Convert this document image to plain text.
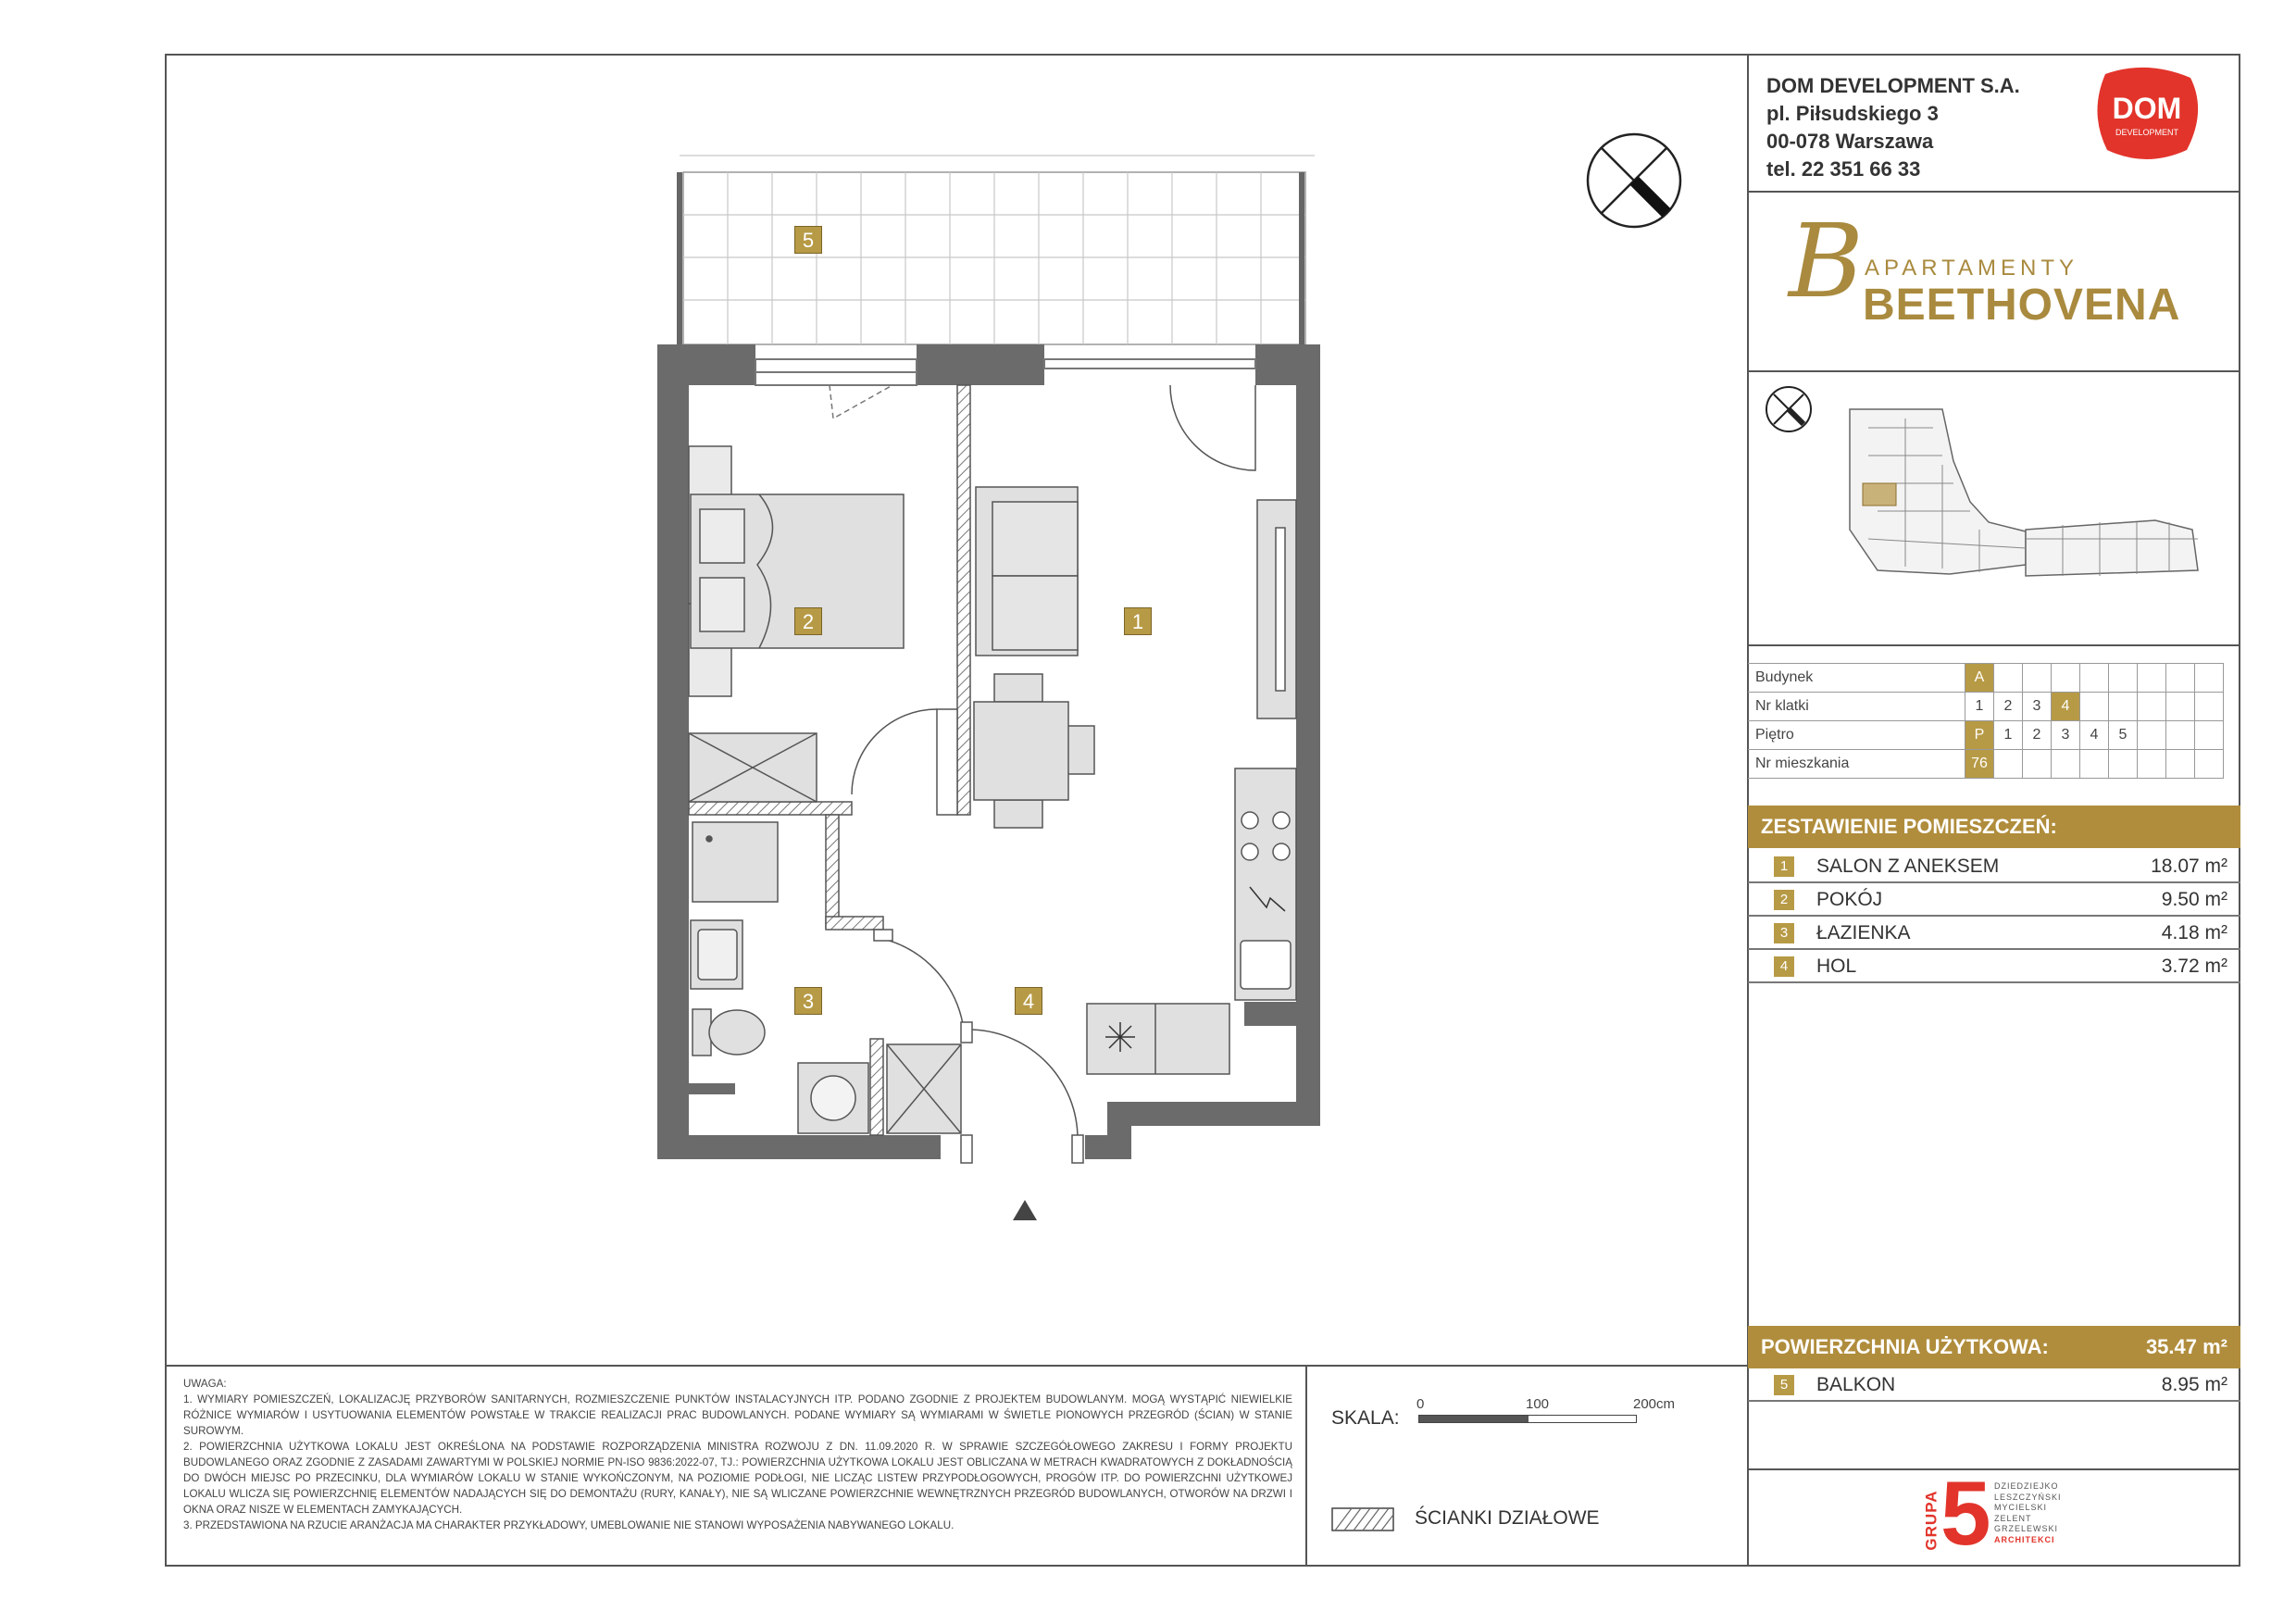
DOM DEVELOPMENT S.A.
pl. Piłsudskiego 3
00-078 Warszawa
tel. 22 351 66 33
DOM
DEVELOPMENT
B APARTAMENTY
BEETHOVENA
Budynek	A								
Nr klatki	1	2	3	4					
Piętro	P	1	2	3	4	5			
Nr mieszkania	76								
ZESTAWIENIE POMIESZCZEŃ:
1	SALON Z ANEKSEM	18.07 m²
2	POKÓJ	9.50 m²
3	ŁAZIENKA	4.18 m²
4	HOL	3.72 m²
POWIERZCHNIA UŻYTKOWA:	35.47 m²
5	BALKON	8.95 m²
GRUPA 5 DZIEDZIEJKO
LESZCZYŃSKI
MYCIELSKI
ZELENT
GRZELEWSKI
ARCHITEKCI

UWAGA:

1. WYMIARY POMIESZCZEŃ, LOKALIZACJĘ PRZYBORÓW SANITARNYCH, ROZMIESZCZENIE PUNKTÓW INSTALACYJNYCH ITP. PODANO ZGODNIE Z PROJEKTEM BUDOWLANYM. MOGĄ WYSTĄPIĆ NIEWIELKIE RÓŻNICE WYMIARÓW I USYTUOWANIA ELEMENTÓW POWSTAŁE W TRAKCIE REALIZACJI PRAC BUDOWLANYCH. PODANE WYMIARY SĄ WYMIARAMI W ŚWIETLE PIONOWYCH PRZEGRÓD (ŚCIAN) W STANIE SUROWYM.

2. POWIERZCHNIA UŻYTKOWA LOKALU JEST OKREŚLONA NA PODSTAWIE ROZPORZĄDZENIA MINISTRA ROZWOJU Z DN. 11.09.2020 R. W SPRAWIE SZCZEGÓŁOWEGO ZAKRESU I FORMY PROJEKTU BUDOWLANEGO ORAZ ZGODNIE Z ZASADAMI ZAWARTYMI W POLSKIEJ NORMIE PN-ISO 9836:2022-07, TJ.: POWIERZCHNIA UŻYTKOWA LOKALU JEST OBLICZANA W METRACH KWADRATOWYCH Z DOKŁADNOŚCIĄ DO DWÓCH MIEJSC PO PRZECINKU, DLA WYMIARÓW LOKALU W STANIE WYKOŃCZONYM, NA POZIOMIE PODŁOGI, NIE LICZĄC LISTEW PRZYPODŁOGOWYCH, PROGÓW ITP. DO POWIERZCHNI UŻYTKOWEJ LOKALU WLICZA SIĘ POWIERZCHNIĘ ELEMENTÓW NADAJĄCYCH SIĘ DO DEMONTAŻU (RURY, KANAŁY), NIE SĄ WLICZANE POWIERZCHNIE WEWNĘTRZNYCH PRZEGRÓD BUDOWLANYCH, OTWORÓW NA DRZWI I OKNA ORAZ NISZE W ELEMENTACH ZAMYKAJĄCYCH.

3. PRZEDSTAWIONA NA RZUCIE ARANŻACJA MA CHARAKTER PRZYKŁADOWY, UMEBLOWANIE NIE STANOWI WYPOSAŻENIA NABYWANEGO LOKALU.

SKALA:
0	100	200cm
ŚCIANKI DZIAŁOWE
1
2
3	4
5
